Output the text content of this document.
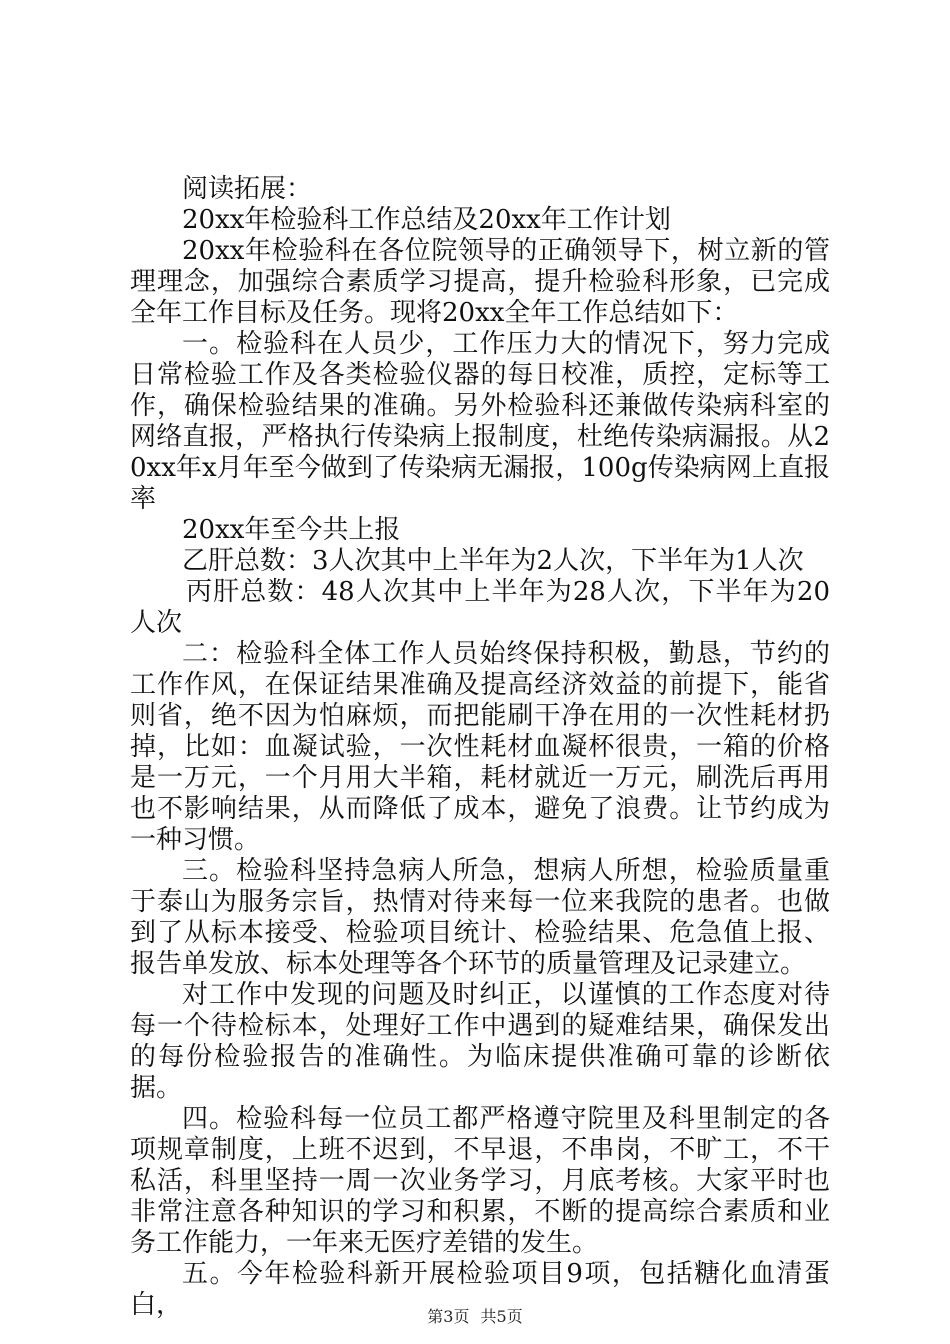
阅读拓展：

20xx年检验科工作总结及20xx年工作计划

20xx年检验科在各位院领导的正确领导下，树立新的管理理念，加强综合素质学习提高，提升检验科形象，已完成全年工作目标及任务。现将20xx全年工作总结如下：

一。检验科在人员少，工作压力大的情况下，努力完成日常检验工作及各类检验仪器的每日校准，质控，定标等工作，确保检验结果的准确。另外检验科还兼做传染病科室的网络直报，严格执行传染病上报制度，杜绝传染病漏报。从20xx年x月年至今做到了传染病无漏报，100g传染病网上直报率

20xx年至今共上报

乙肝总数：3人次其中上半年为2人次，下半年为1人次

丙肝总数：48人次其中上半年为28人次，下半年为20人次

二：检验科全体工作人员始终保持积极，勤恳，节约的工作作风，在保证结果准确及提高经济效益的前提下，能省则省，绝不因为怕麻烦，而把能刷干净在用的一次性耗材扔掉，比如：血凝试验，一次性耗材血凝杯很贵，一箱的价格是一万元，一个月用大半箱，耗材就近一万元，刷洗后再用也不影响结果，从而降低了成本，避免了浪费。让节约成为一种习惯。

三。检验科坚持急病人所急，想病人所想，检验质量重于泰山为服务宗旨，热情对待来每一位来我院的患者。也做到了从标本接受、检验项目统计、检验结果、危急值上报、报告单发放、标本处理等各个环节的质量管理及记录建立。

对工作中发现的问题及时纠正，以谨慎的工作态度对待每一个待检标本，处理好工作中遇到的疑难结果，确保发出的每份检验报告的准确性。为临床提供准确可靠的诊断依据。

四。检验科每一位员工都严格遵守院里及科里制定的各项规章制度，上班不迟到，不早退，不串岗，不旷工，不干私活，科里坚持一周一次业务学习，月底考核。大家平时也非常注意各种知识的学习和积累，不断的提高综合素质和业务工作能力，一年来无医疗差错的发生。

五。今年检验科新开展检验项目9项，包括糖化血清蛋白，	第3页 共5页
